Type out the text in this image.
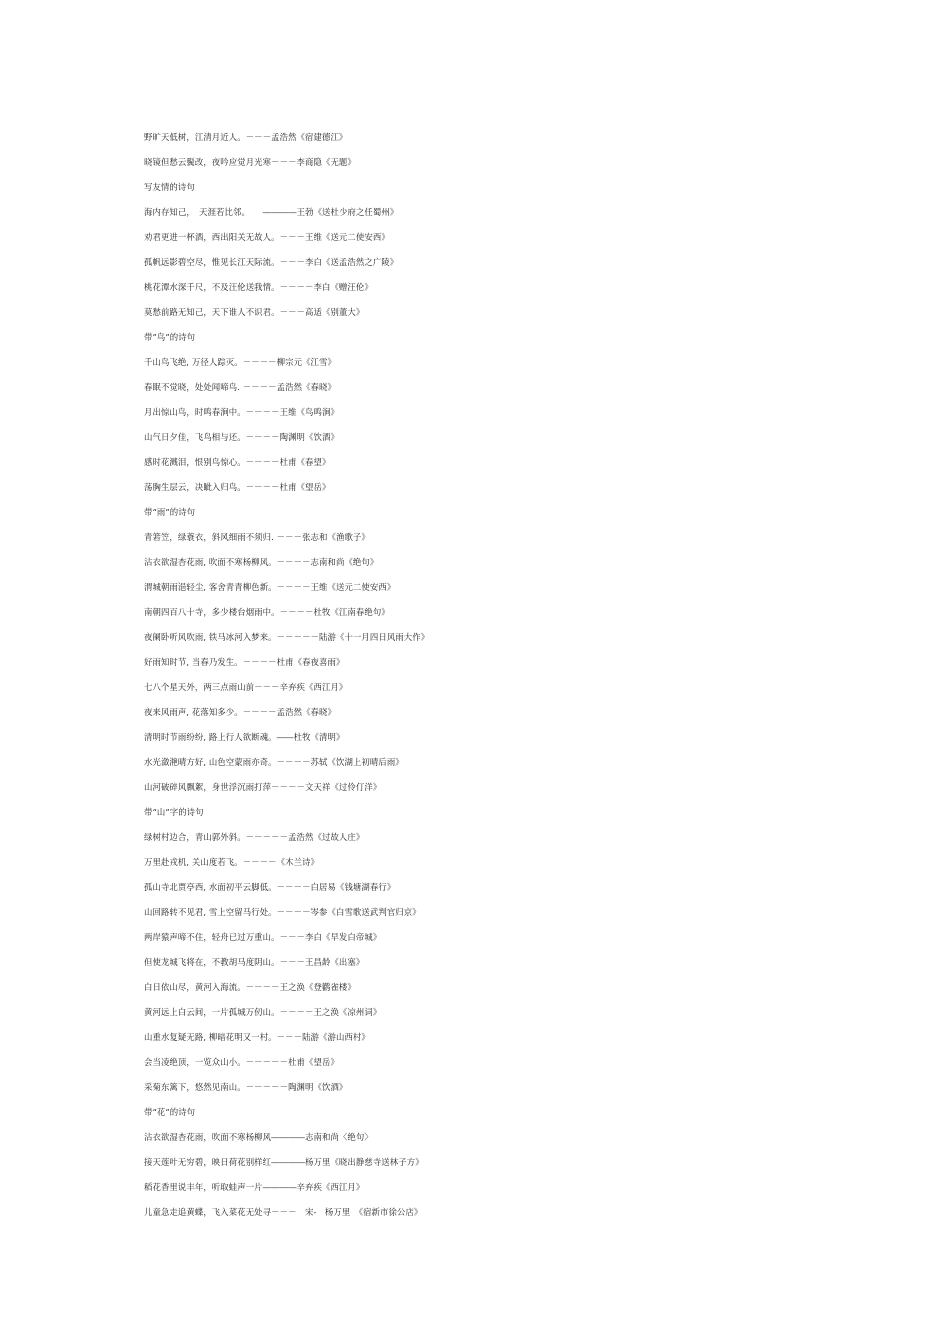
野旷天低树，江清月近人。－－－孟浩然《宿建德江》
晓镜但愁云鬓改，夜吟应觉月光寒－－－李商隐《无题》
写友情的诗句
海内存知己，　天涯若比邻。　　――――王勃《送杜少府之任蜀州》
劝君更进一杯酒，西出阳关无故人。－－－王维《送元二使安西》
孤帆远影碧空尽，惟见长江天际流。－－－李白《送孟浩然之广陵》
桃花潭水深千尺，不及汪伦送我情。－－－－李白《赠汪伦》
莫愁前路无知己，天下谁人不识君。－－－高适《别董大》
带”鸟”的诗句
千山鸟飞绝, 万径人踪灭。－－－－柳宗元《江雪》
春眠不觉晓，处处闻啼鸟. －－－－孟浩然《春晓》
月出惊山鸟，时鸣春涧中。－－－－王维《鸟鸣涧》
山气日夕佳，飞鸟相与还。－－－－陶渊明《饮酒》
感时花溅泪，恨别鸟惊心。－－－－杜甫《春望》
荡胸生层云，决眦入归鸟。－－－－杜甫《望岳》
带“雨”的诗句
青箬笠，绿蓑衣，斜风细雨不须归. －－－张志和《渔歌子》
沾衣欲湿杏花雨, 吹面不寒杨柳风。－－－－志南和尚《绝句》
渭城朝雨浥轻尘, 客舍青青柳色新。－－－－王维《送元二使安西》
南朝四百八十寺，多少楼台烟雨中。－－－－杜牧《江南春绝句》
夜阑卧听风吹雨, 铁马冰河入梦来。－－－－－陆游《十一月四日风雨大作》
好雨知时节, 当春乃发生。－－－－杜甫《春夜喜雨》
七八个星天外，两三点雨山前－－－辛弃疾《西江月》
夜来风雨声, 花落知多少。－－－－孟浩然《春晓》
清明时节雨纷纷, 路上行人欲断魂。――杜牧《清明》
水光潋滟晴方好, 山色空蒙雨亦奇。－－－－苏轼《饮湖上初晴后雨》
山河破碎风飘絮，身世浮沉雨打萍－－－－文天祥《过伶仃洋》
带“山”字的诗句
绿树村边合，青山郭外斜。－－－－－孟浩然《过故人庄》
万里赴戎机, 关山度若飞。－－－－《木兰诗》
孤山寺北贾亭西, 水面初平云脚低。－－－－白居易《钱塘湖春行》
山回路转不见君, 雪上空留马行处。－－－－岑参《白雪歌送武判官归京》
两岸猿声啼不住，轻舟已过万重山。－－－李白《早发白帝城》
但使龙城飞将在，不教胡马度阴山。－－－王昌龄《出塞》
白日依山尽，黄河入海流。－－－－王之涣《登鹳雀楼》
黄河远上白云间，一片孤城万仞山。－－－－王之涣《凉州词》
山重水复疑无路, 柳暗花明又一村。－－－陆游《游山西村》
会当凌绝顶，一览众山小。－－－－－杜甫《望岳》
采菊东篱下，悠然见南山。－－－－－陶渊明《饮酒》
带“花”的诗句
沾衣欲湿杏花雨，吹面不寒杨柳风――――志南和尚〈绝句〉
接天莲叶无穷碧，映日荷花别样红――――杨万里《晓出静慈寺送林子方》
稻花香里说丰年，听取蛙声一片――――辛弃疾《西江月》
儿童急走追黄蝶，飞入菜花无处寻－－－　宋-　杨万里　《宿新市徐公店》
